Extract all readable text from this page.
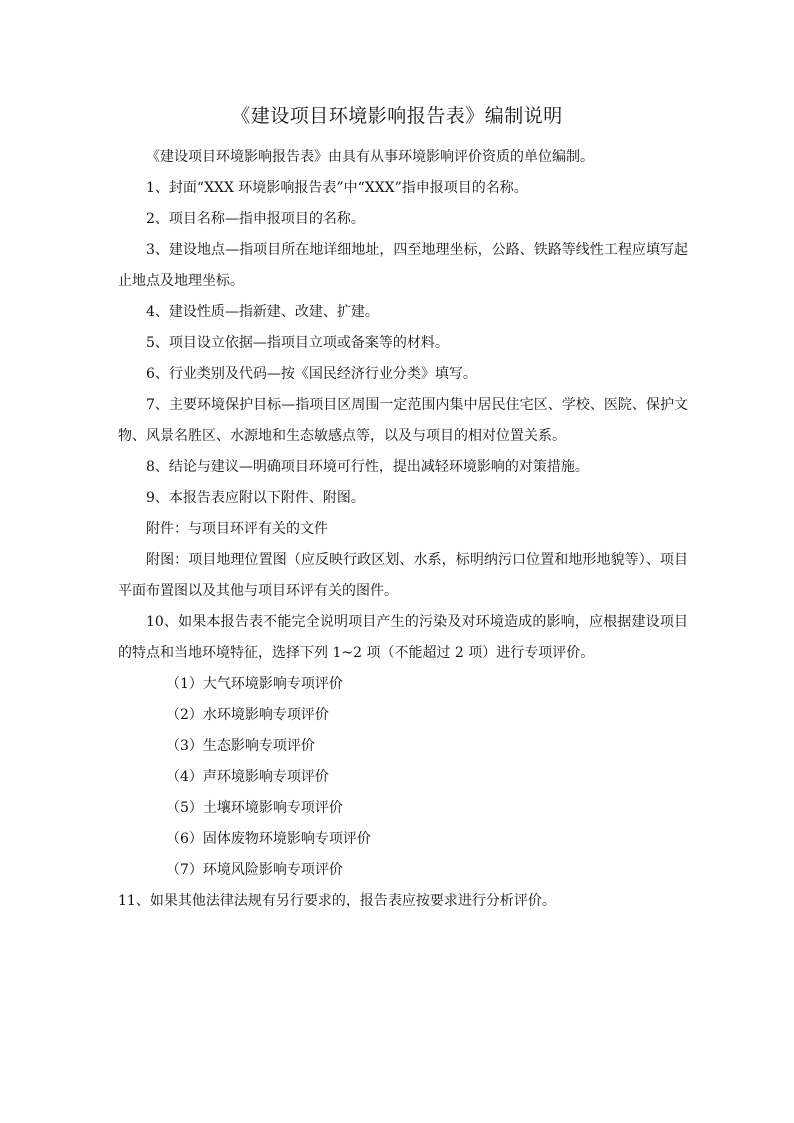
《建设项目环境影响报告表》编制说明

《建设项目环境影响报告表》由具有从事环境影响评价资质的单位编制。

1、封面“XXX 环境影响报告表”中“XXX”指申报项目的名称。

2、项目名称—指申报项目的名称。

3、建设地点—指项目所在地详细地址，四至地理坐标，公路、铁路等线性工程应填写起止地点及地理坐标。

4、建设性质—指新建、改建、扩建。

5、项目设立依据—指项目立项或备案等的材料。

6、行业类别及代码—按《国民经济行业分类》填写。

7、主要环境保护目标—指项目区周围一定范围内集中居民住宅区、学校、医院、保护文物、风景名胜区、水源地和生态敏感点等，以及与项目的相对位置关系。

8、结论与建议—明确项目环境可行性，提出减轻环境影响的对策措施。

9、本报告表应附以下附件、附图。

附件：与项目环评有关的文件

附图：项目地理位置图（应反映行政区划、水系，标明纳污口位置和地形地貌等）、项目平面布置图以及其他与项目环评有关的图件。

10、如果本报告表不能完全说明项目产生的污染及对环境造成的影响，应根据建设项目的特点和当地环境特征，选择下列 1~2 项（不能超过 2 项）进行专项评价。

（1）大气环境影响专项评价

（2）水环境影响专项评价

（3）生态影响专项评价

（4）声环境影响专项评价

（5）土壤环境影响专项评价

（6）固体废物环境影响专项评价

（7）环境风险影响专项评价

11、如果其他法律法规有另行要求的，报告表应按要求进行分析评价。
